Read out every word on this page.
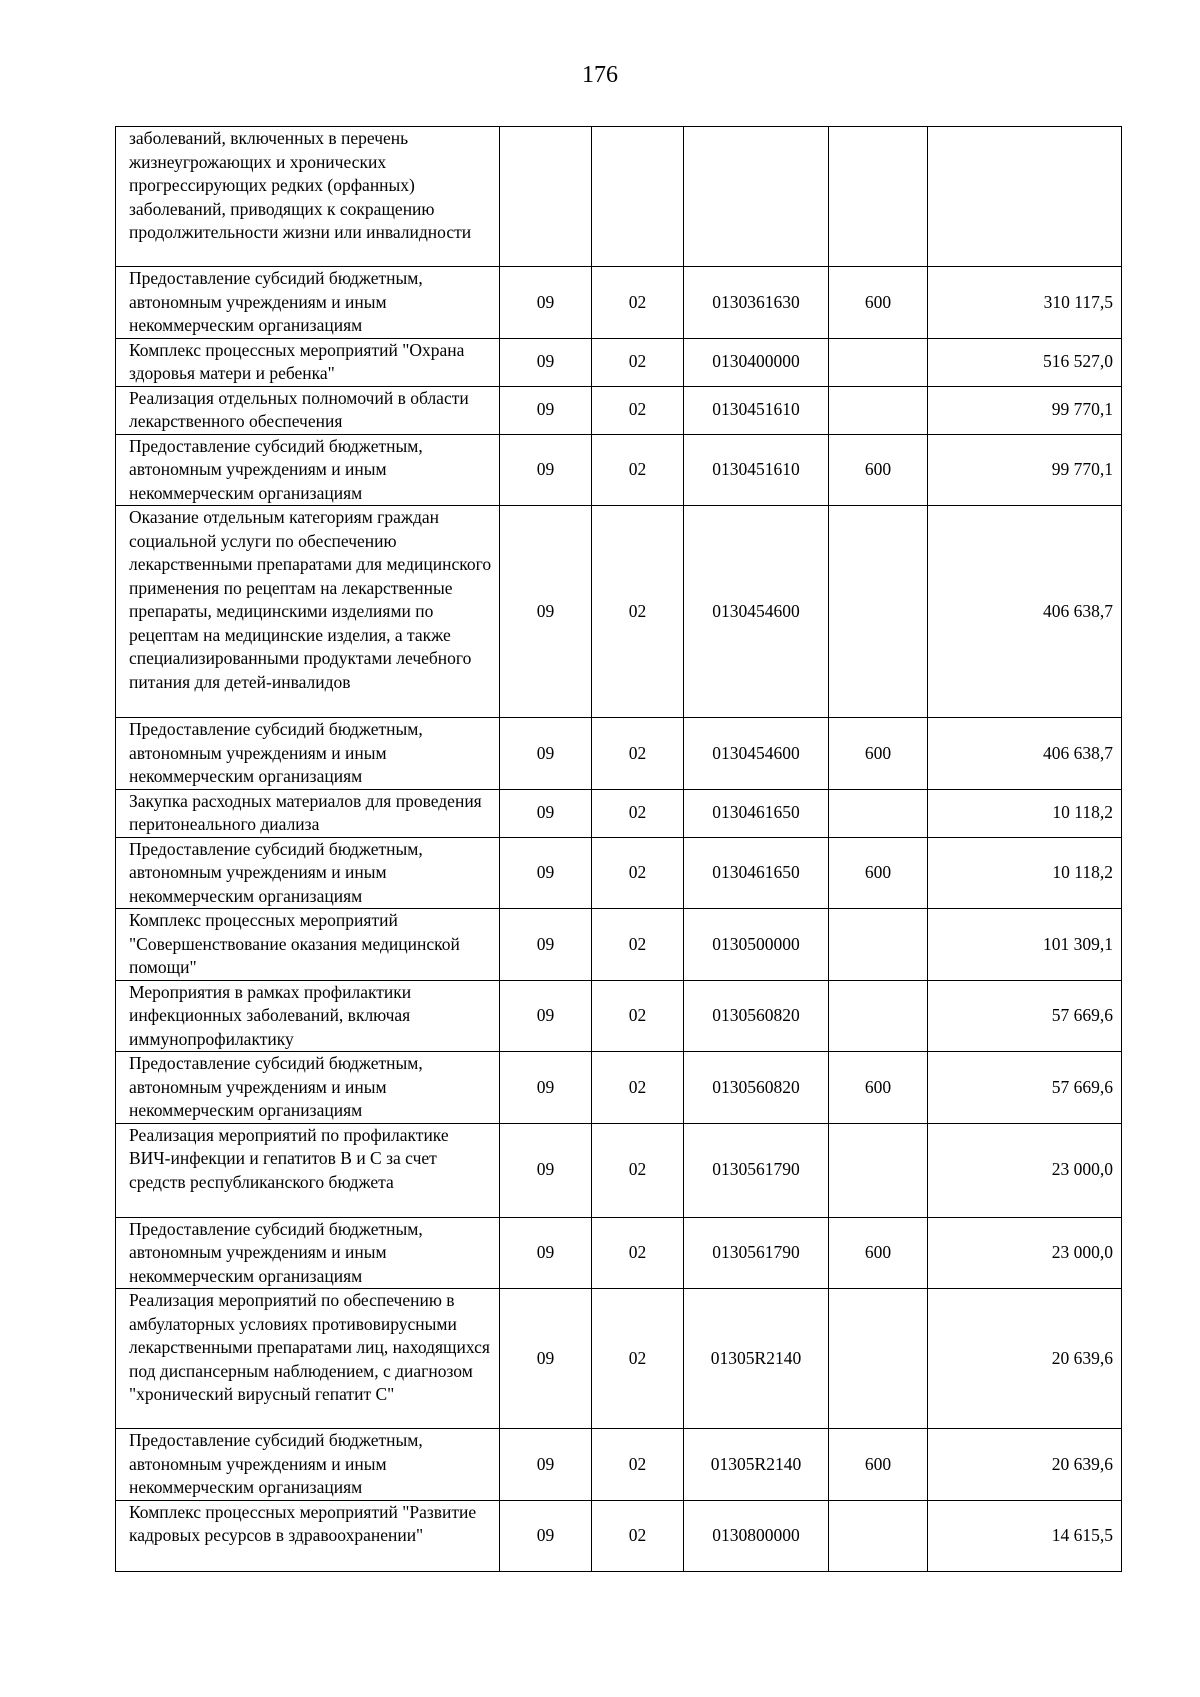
176
заболеваний, включенных в перечень жизнеугрожающих и хронических прогрессирующих редких (орфанных) заболеваний, приводящих к сокращению продолжительности жизни или инвалидности					
Предоставление субсидий бюджетным, автономным учреждениям и иным некоммерческим организациям	09	02	0130361630	600	310 117,5
Комплекс процессных мероприятий "Охрана здоровья матери и ребенка"	09	02	0130400000		516 527,0
Реализация отдельных полномочий в области лекарственного обеспечения	09	02	0130451610		99 770,1
Предоставление субсидий бюджетным, автономным учреждениям и иным некоммерческим организациям	09	02	0130451610	600	99 770,1
Оказание отдельным категориям граждан социальной услуги по обеспечению лекарственными препаратами для медицинского применения по рецептам на лекарственные препараты, медицинскими изделиями по рецептам на медицинские изделия, а также специализированными продуктами лечебного питания для детей-инвалидов	09	02	0130454600		406 638,7
Предоставление субсидий бюджетным, автономным учреждениям и иным некоммерческим организациям	09	02	0130454600	600	406 638,7
Закупка расходных материалов для проведения перитонеального диализа	09	02	0130461650		10 118,2
Предоставление субсидий бюджетным, автономным учреждениям и иным некоммерческим организациям	09	02	0130461650	600	10 118,2
Комплекс процессных мероприятий "Совершенствование оказания медицинской помощи"	09	02	0130500000		101 309,1
Мероприятия в рамках профилактики инфекционных заболеваний, включая иммунопрофилактику	09	02	0130560820		57 669,6
Предоставление субсидий бюджетным, автономным учреждениям и иным некоммерческим организациям	09	02	0130560820	600	57 669,6
Реализация мероприятий по профилактике ВИЧ-инфекции и гепатитов B и C за счет средств республиканского бюджета	09	02	0130561790		23 000,0
Предоставление субсидий бюджетным, автономным учреждениям и иным некоммерческим организациям	09	02	0130561790	600	23 000,0
Реализация мероприятий по обеспечению в амбулаторных условиях противовирусными лекарственными препаратами лиц, находящихся под диспансерным наблюдением, с диагнозом "хронический вирусный гепатит C"	09	02	01305R2140		20 639,6
Предоставление субсидий бюджетным, автономным учреждениям и иным некоммерческим организациям	09	02	01305R2140	600	20 639,6
Комплекс процессных мероприятий "Развитие кадровых ресурсов в здравоохранении"	09	02	0130800000		14 615,5
